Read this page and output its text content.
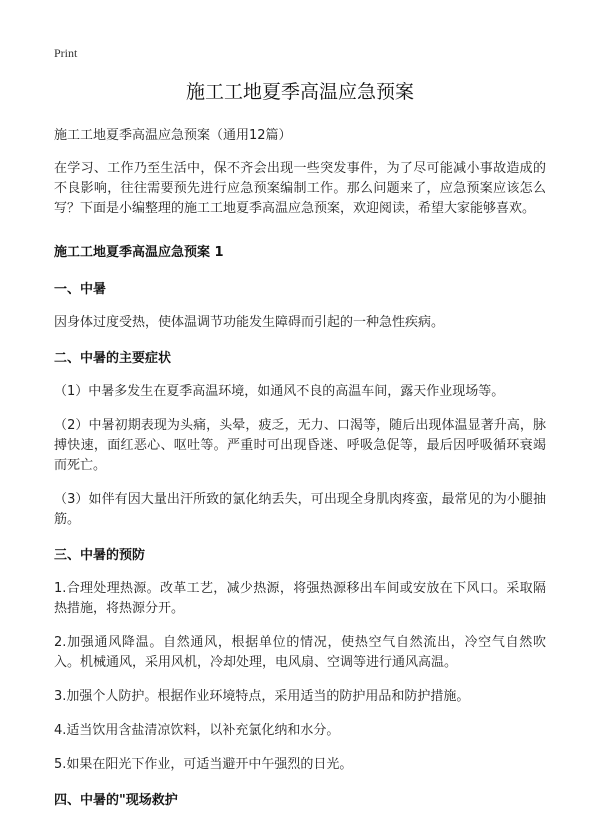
Print
施工工地夏季高温应急预案

施工工地夏季高温应急预案（通用12篇）

在学习、工作乃至生活中，保不齐会出现一些突发事件，为了尽可能减小事故造成的不良影响，往往需要预先进行应急预案编制工作。那么问题来了，应急预案应该怎么写？下面是小编整理的施工工地夏季高温应急预案，欢迎阅读，希望大家能够喜欢。

施工工地夏季高温应急预案 1

一、中暑

因身体过度受热，使体温调节功能发生障碍而引起的一种急性疾病。

二、中暑的主要症状

（1）中暑多发生在夏季高温环境，如通风不良的高温车间，露天作业现场等。

（2）中暑初期表现为头痛，头晕，疲乏，无力、口渴等，随后出现体温显著升高，脉搏快速，面红恶心、呕吐等。严重时可出现昏迷、呼吸急促等，最后因呼吸循环衰竭而死亡。

（3）如伴有因大量出汗所致的氯化纳丢失，可出现全身肌肉疼蛮，最常见的为小腿抽筋。

三、中暑的预防

1.合理处理热源。改革工艺，减少热源，将强热源移出车间或安放在下风口。采取隔热措施，将热源分开。

2.加强通风降温。自然通风，根据单位的情况，使热空气自然流出，冷空气自然吹入。机械通风，采用风机，冷却处理，电风扇、空调等进行通风高温。

3.加强个人防护。根据作业环境特点，采用适当的防护用品和防护措施。

4.适当饮用含盐清凉饮料，以补充氯化纳和水分。

5.如果在阳光下作业，可适当避开中午强烈的日光。

四、中暑的"现场救护
